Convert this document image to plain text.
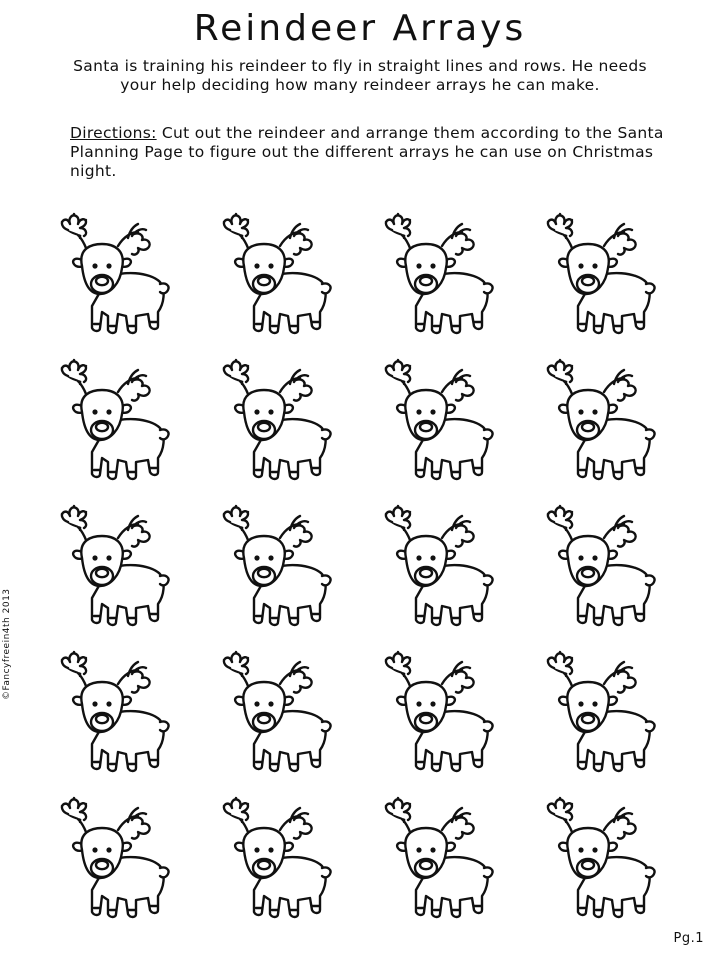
Reindeer Arrays
Santa is training his reindeer to fly in straight lines and rows. He needs your help deciding how many reindeer arrays he can make.
Directions: Cut out the reindeer and arrange them according to the Santa Planning Page to figure out the different arrays he can use on Christmas night.
©Fancyfreein4th 2013
Pg.1
